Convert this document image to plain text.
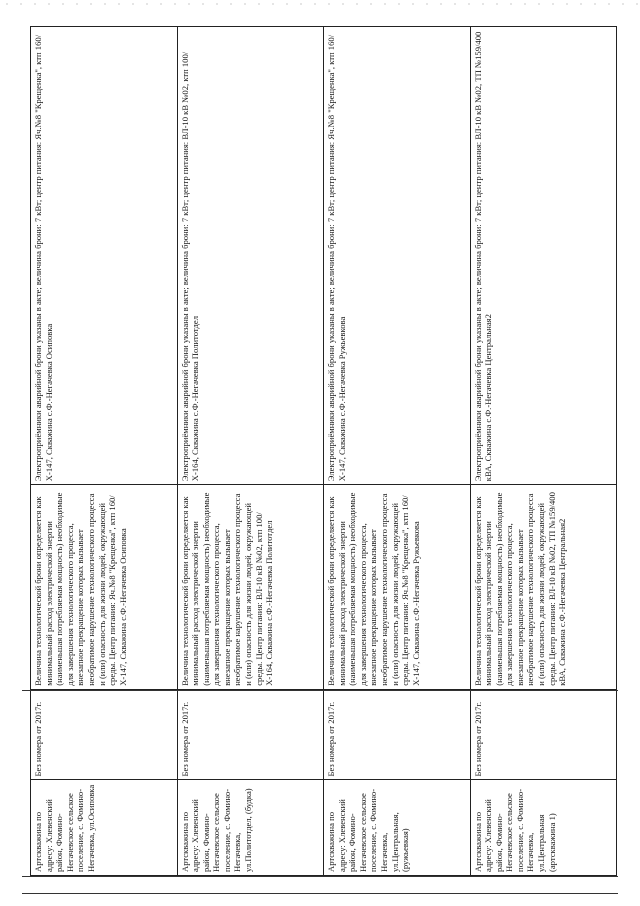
Артскважина по адресу: Хлевенский район, Фомино-Негачевское сельское поселение, с. Фомино-Негачевка, ул.Осиповка	Без номера от 2017г.	Величина технологической брони определяется как минимальный расход электрической энергии (наименьшая потребляемая мощность) необходимые для завершения технологического процесса, внезапное прекращение которых вызывает необратимое нарушение технологического процесса и (или) опасность для жизни людей, окружающей среды. Центр питания: Яч.№8 "Крещенка", ктп 160/Х-147, Скважина с.Ф.-Негачевка Осиповка	Электроприёмники аварийной брони указаны в акте; величина брони: 7 кВт; центр питания: Яч.№8 "Крещенка", ктп 160/Х-147, Скважина с.Ф.-Негачевка Осиповка
Артскважина по адресу: Хлевенский район, Фомино-Негачевское сельское поселение, с. Фомино-Негачевка, ул.Политотдел, (будка)	Без номера от 2017г.	Величина технологической брони определяется как минимальный расход электрической энергии (наименьшая потребляемая мощность) необходимые для завершения технологического процесса, внезапное прекращение которых вызывает необратимое нарушение технологического процесса и (или) опасность для жизни людей, окружающей среды. Центр питания: ВЛ-10 кВ №02, ктп 100/Х-164, Скважина с.Ф.-Негачевка Политотдел	Электроприёмники аварийной брони указаны в акте; величина брони: 7 кВт; центр питания: ВЛ-10 кВ №02, ктп 100/Х-164, Скважина с.Ф.-Негачевка Политотдел
Артскважина по адресу: Хлевенский район, Фомино-Негачевское сельское поселение, с. Фомино-Негачевка, ул.Центральная, (ружьевкая)	Без номера от 2017г.	Величина технологической брони определяется как минимальный расход электрической энергии (наименьшая потребляемая мощность) необходимые для завершения технологического процесса, внезапное прекращение которых вызывает необратимое нарушение технологического процесса и (или) опасность для жизни людей, окружающей среды. Центр питания: Яч.№8 "Крещенка", ктп 160/Х-147, Скважина с.Ф.-Негачевка Ружьевкова	Электроприёмники аварийной брони указаны в акте; величина брони: 7 кВт; центр питания: Яч.№8 "Крещенка", ктп 160/Х-147, Скважина с.Ф.-Негачевка Ружьевкова
Артскважина по адресу: Хлевенский район, Фомино-Негачевское сельское поселение, с. Фомино-Негачевка, ул.Центральная (артскважина 1)	Без номера от 2017г.	Величина технологической брони определяется как минимальный расход электрической энергии (наименьшая потребляемая мощность) необходимые для завершения технологического процесса, внезапное прекращение которых вызывает необратимое нарушение технологического процесса и (или) опасность для жизни людей, окружающей среды. Центр питания: ВЛ-10 кВ №02, ТП №159/400 кВА, Скважина с.Ф.-Негачевка Центральная2	Электроприёмники аварийной брони указаны в акте; величина брони: 7 кВт; центр питания: ВЛ-10 кВ №02, ТП №159/400 кВА, Скважина с.Ф.-Негачевка Центральная2
